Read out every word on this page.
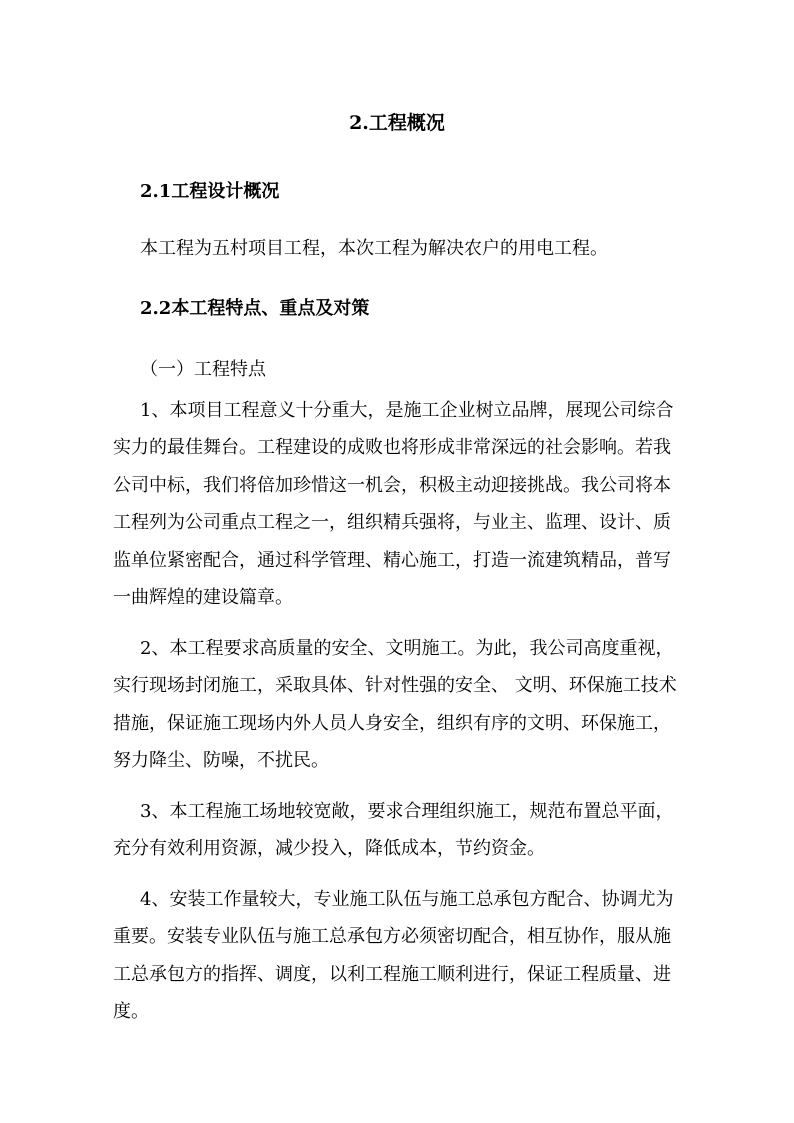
2.工程概况
2.1工程设计概况

本工程为五村项目工程，本次工程为解决农户的用电工程。

2.2本工程特点、重点及对策

（一）工程特点

1、本项目工程意义十分重大，是施工企业树立品牌，展现公司综合

实力的最佳舞台。工程建设的成败也将形成非常深远的社会影响。若我

公司中标，我们将倍加珍惜这一机会，积极主动迎接挑战。我公司将本

工程列为公司重点工程之一，组织精兵强将，与业主、监理、设计、质

监单位紧密配合，通过科学管理、精心施工，打造一流建筑精品，普写

一曲辉煌的建设篇章。

2、本工程要求高质量的安全、文明施工。为此，我公司高度重视，

实行现场封闭施工，采取具体、针对性强的安全、 文明、环保施工技术

措施，保证施工现场内外人员人身安全，组织有序的文明、环保施工，

努力降尘、防噪，不扰民。

3、本工程施工场地较宽敞，要求合理组织施工，规范布置总平面，

充分有效利用资源，减少投入，降低成本，节约资金。

4、安装工作量较大，专业施工队伍与施工总承包方配合、协调尤为

重要。安装专业队伍与施工总承包方必须密切配合，相互协作，服从施

工总承包方的指挥、调度，以利工程施工顺利进行，保证工程质量、进

度。
